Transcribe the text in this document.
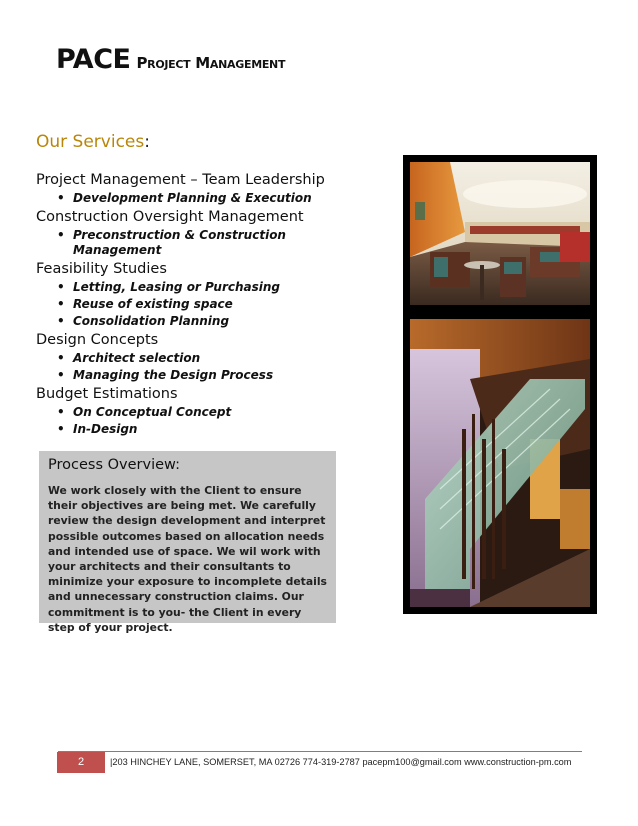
PACE Project Management
Our Services:
Project Management – Team Leadership
• Development Planning & Execution
Construction Oversight Management
• Preconstruction & Construction Management
Feasibility Studies
• Letting, Leasing or Purchasing
• Reuse of existing space
• Consolidation Planning
Design Concepts
• Architect selection
• Managing the Design Process
Budget Estimations
• On Conceptual Concept
• In-Design
Process Overview:

We work closely with the Client to ensure their objectives are being met. We carefully review the design development and interpret possible outcomes based on allocation needs and intended use of space. We wil work with your architects and their consultants to minimize your exposure to incomplete details and unnecessary construction claims. Our commitment is to you- the Client in every step of your project.

2	|203 HINCHEY LANE, SOMERSET, MA 02726 774-319-2787 pacepm100@gmail.com www.construction-pm.com
